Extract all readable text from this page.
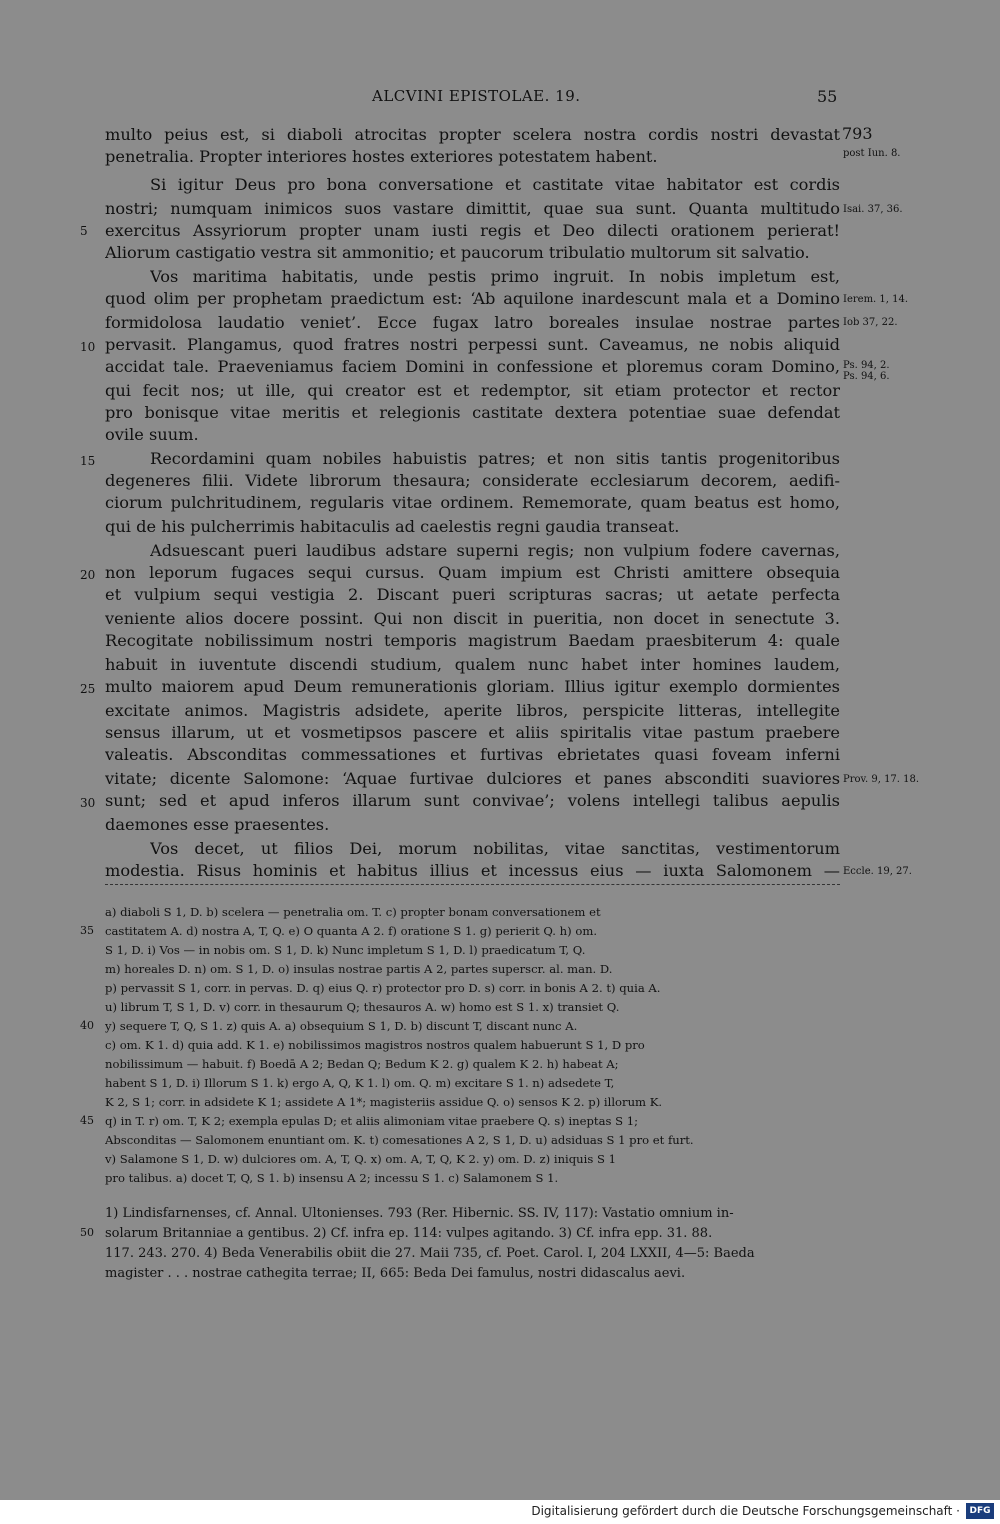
ALCVINI EPISTOLAE. 19.	55
multo peius est, si diaboli atrocitas propter scelera nostra cordis nostri devastat 793
penetralia. Propter interiores hostes exteriores potestatem habent.	post Iun. 8.
Si igitur Deus pro bona conversatione et castitate vitae habitator est cordis
nostri; numquam inimicos suos vastare dimittit, quae sua sunt. Quanta multitudo Isai. 37, 36.
5 exercitus Assyriorum propter unam iusti regis et Deo dilecti orationem perierat!
Aliorum castigatio vestra sit ammonitio; et paucorum tribulatio multorum sit salvatio.
Vos maritima habitatis, unde pestis primo ingruit. In nobis impletum est,
quod olim per prophetam praedictum est: ‘Ab aquilone inardescunt mala et a Domino Ierem. 1, 14.
formidolosa laudatio veniet’. Ecce fugax latro boreales insulae nostrae partes Iob 37, 22.
10 pervasit. Plangamus, quod fratres nostri perpessi sunt. Caveamus, ne nobis aliquid
accidat tale. Praeveniamus faciem Domini in confessione et ploremus coram Domino, Ps. 94, 2.
Ps. 94, 6.
qui fecit nos; ut ille, qui creator est et redemptor, sit etiam protector et rector
pro bonisque vitae meritis et relegionis castitate dextera potentiae suae defendat
ovile suum.
15	Recordamini quam nobiles habuistis patres; et non sitis tantis progenitoribus
degeneres filii. Videte librorum thesaura; considerate ecclesiarum decorem, aedifi-
ciorum pulchritudinem, regularis vitae ordinem. Rememorate, quam beatus est homo,
qui de his pulcherrimis habitaculis ad caelestis regni gaudia transeat.
Adsuescant pueri laudibus adstare superni regis; non vulpium fodere cavernas,
20 non leporum fugaces sequi cursus. Quam impium est Christi amittere obsequia
et vulpium sequi vestigia 2. Discant pueri scripturas sacras; ut aetate perfecta
veniente alios docere possint. Qui non discit in pueritia, non docet in senectute 3.
Recogitate nobilissimum nostri temporis magistrum Baedam praesbiterum 4: quale
habuit in iuventute discendi studium, qualem nunc habet inter homines laudem,
25 multo maiorem apud Deum remunerationis gloriam. Illius igitur exemplo dormientes
excitate animos. Magistris adsidete, aperite libros, perspicite litteras, intellegite
sensus illarum, ut et vosmetipsos pascere et aliis spiritalis vitae pastum praebere
valeatis. Absconditas commessationes et furtivas ebrietates quasi foveam inferni
vitate; dicente Salomone: ‘Aquae furtivae dulciores et panes absconditi suaviores Prov. 9, 17. 18.
30 sunt; sed et apud inferos illarum sunt convivae’; volens intellegi talibus aepulis
daemones esse praesentes.
Vos decet, ut filios Dei, morum nobilitas, vitae sanctitas, vestimentorum
modestia. Risus hominis et habitus illius et incessus eius — iuxta Salomonem — Eccle. 19, 27.
a) diaboli S 1, D. b) scelera — penetralia om. T. c) propter bonam conversationem et
35 castitatem A. d) nostra A, T, Q. e) O quanta A 2. f) oratione S 1. g) perierit Q. h) om.
S 1, D. i) Vos — in nobis om. S 1, D. k) Nunc impletum S 1, D. l) praedicatum T, Q.
m) horeales D. n) om. S 1, D. o) insulas nostrae partis A 2, partes superscr. al. man. D.
p) pervassit S 1, corr. in pervas. D. q) eius Q. r) protector pro D. s) corr. in bonis A 2. t) quia A.
u) librum T, S 1, D. v) corr. in thesaurum Q; thesauros A. w) homo est S 1. x) transiet Q.
40 y) sequere T, Q, S 1. z) quis A. a) obsequium S 1, D. b) discunt T, discant nunc A.
c) om. K 1. d) quia add. K 1. e) nobilissimos magistros nostros qualem habuerunt S 1, D pro
nobilissimum — habuit. f) Boedā A 2; Bedan Q; Bedum K 2. g) qualem K 2. h) habeat A;
habent S 1, D. i) Illorum S 1. k) ergo A, Q, K 1. l) om. Q. m) excitare S 1. n) adsedete T,
K 2, S 1; corr. in adsidete K 1; assidete A 1*; magisteriis assidue Q. o) sensos K 2. p) illorum K.
45 q) in T. r) om. T, K 2; exempla epulas D; et aliis alimoniam vitae praebere Q. s) ineptas S 1;
Absconditas — Salomonem enuntiant om. K. t) comesationes A 2, S 1, D. u) adsiduas S 1 pro et furt.
v) Salamone S 1, D. w) dulciores om. A, T, Q. x) om. A, T, Q, K 2. y) om. D. z) iniquis S 1
pro talibus. a) docet T, Q, S 1. b) insensu A 2; incessu S 1. c) Salamonem S 1.
1) Lindisfarnenses, cf. Annal. Ultonienses. 793 (Rer. Hibernic. SS. IV, 117): Vastatio omnium in-
50 solarum Britanniae a gentibus. 2) Cf. infra ep. 114: vulpes agitando. 3) Cf. infra epp. 31. 88.
117. 243. 270. 4) Beda Venerabilis obiit die 27. Maii 735, cf. Poet. Carol. I, 204 LXXII, 4—5: Baeda
magister . . . nostrae cathegita terrae; II, 665: Beda Dei famulus, nostri didascalus aevi.
Digitalisierung gefördert durch die Deutsche Forschungsgemeinschaft ·	DFG
